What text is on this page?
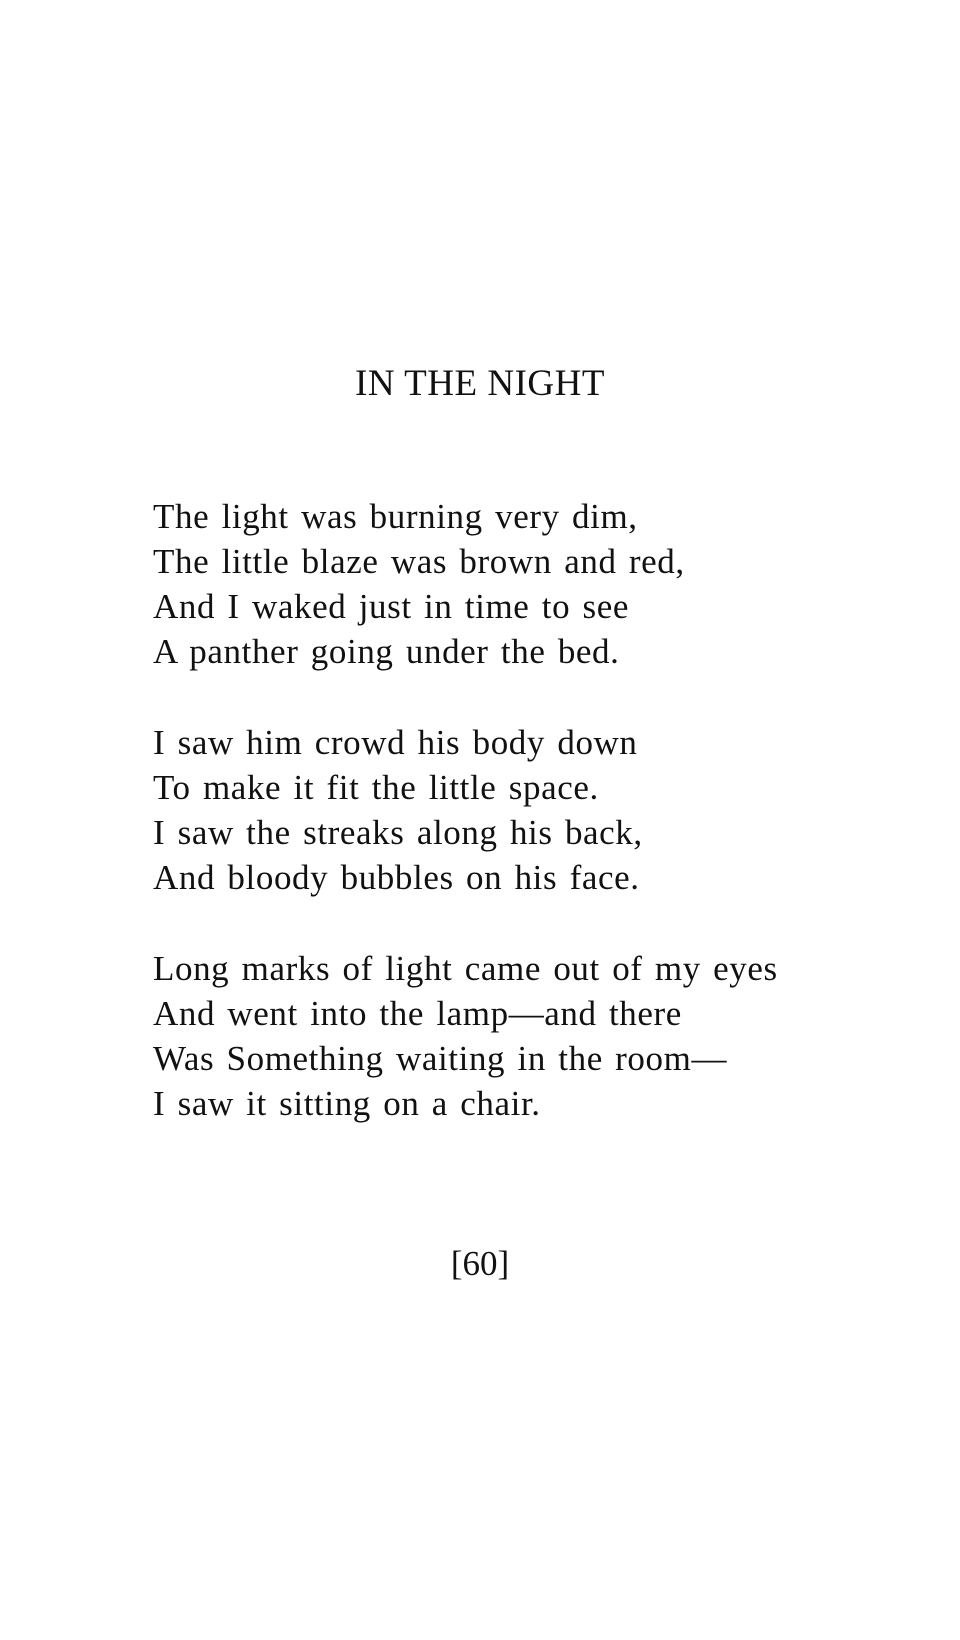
IN THE NIGHT
The light was burning very dim,
The little blaze was brown and red,
And I waked just in time to see
A panther going under the bed.
I saw him crowd his body down
To make it fit the little space.
I saw the streaks along his back,
And bloody bubbles on his face.
Long marks of light came out of my eyes
And went into the lamp—and there
Was Something waiting in the room—
I saw it sitting on a chair.
[60]
